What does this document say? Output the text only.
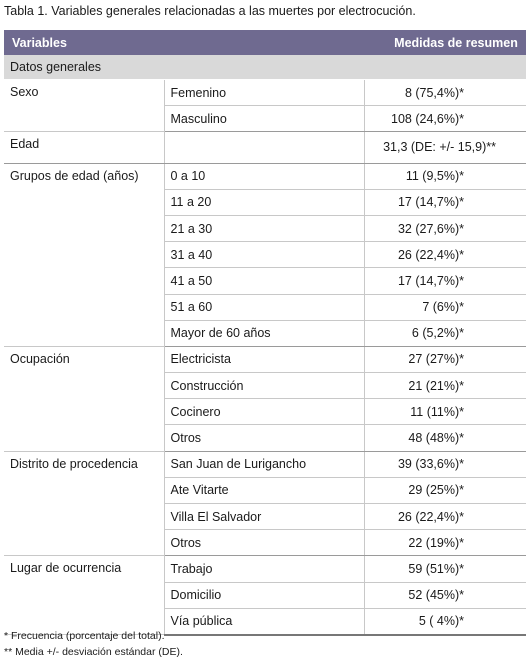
Tabla 1. Variables generales relacionadas a las muertes por electrocución.
Variables		Medidas de resumen
Datos generales		
Sexo	Femenino	8 (75,4%)*
	Masculino	108 (24,6%)*
Edad		31,3 (DE: +/- 15,9)**
Grupos de edad (años)	0 a 10	11 (9,5%)*
	11 a 20	17 (14,7%)*
	21 a 30	32 (27,6%)*
	31 a 40	26 (22,4%)*
	41 a 50	17 (14,7%)*
	51 a 60	7 (6%)*
	Mayor de 60 años	6 (5,2%)*
Ocupación	Electricista	27 (27%)*
	Construcción	21 (21%)*
	Cocinero	11 (11%)*
	Otros	48 (48%)*
Distrito de procedencia	San Juan de Lurigancho	39 (33,6%)*
	Ate Vitarte	29 (25%)*
	Villa El Salvador	26 (22,4%)*
	Otros	22 (19%)*
Lugar de ocurrencia	Trabajo	59 (51%)*
	Domicilio	52 (45%)*
	Vía pública	5 ( 4%)*
* Frecuencia (porcentaje del total).
** Media +/- desviación estándar (DE).
